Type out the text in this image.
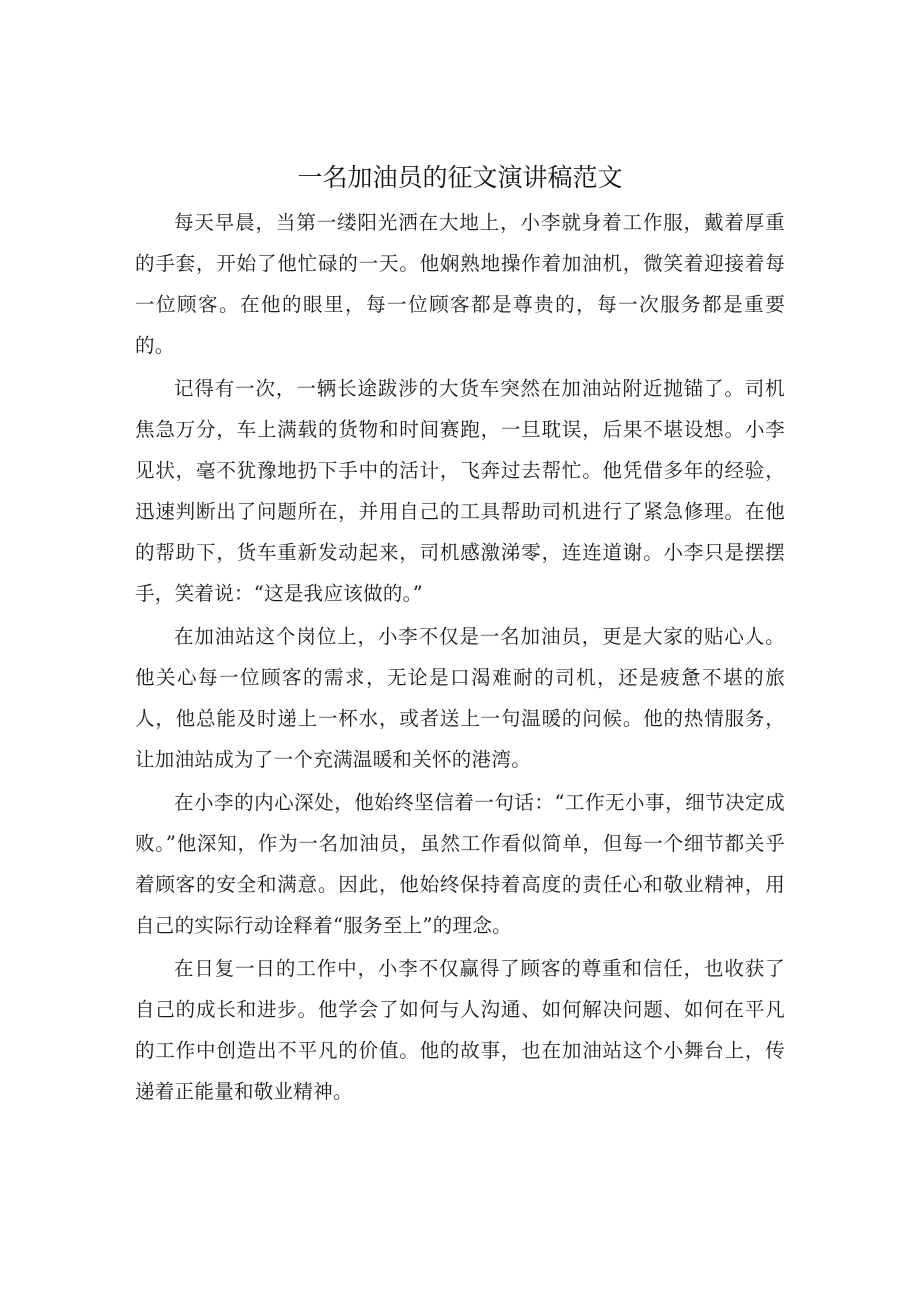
一名加油员的征文演讲稿范文

每天早晨，当第一缕阳光洒在大地上，小李就身着工作服，戴着厚重的手套，开始了他忙碌的一天。他娴熟地操作着加油机，微笑着迎接着每一位顾客。在他的眼里，每一位顾客都是尊贵的，每一次服务都是重要的。

记得有一次，一辆长途跋涉的大货车突然在加油站附近抛锚了。司机焦急万分，车上满载的货物和时间赛跑，一旦耽误，后果不堪设想。小李见状，毫不犹豫地扔下手中的活计，飞奔过去帮忙。他凭借多年的经验，迅速判断出了问题所在，并用自己的工具帮助司机进行了紧急修理。在他的帮助下，货车重新发动起来，司机感激涕零，连连道谢。小李只是摆摆手，笑着说：“这是我应该做的。”

在加油站这个岗位上，小李不仅是一名加油员，更是大家的贴心人。他关心每一位顾客的需求，无论是口渴难耐的司机，还是疲惫不堪的旅人，他总能及时递上一杯水，或者送上一句温暖的问候。他的热情服务，让加油站成为了一个充满温暖和关怀的港湾。

在小李的内心深处，他始终坚信着一句话：“工作无小事，细节决定成败。”他深知，作为一名加油员，虽然工作看似简单，但每一个细节都关乎着顾客的安全和满意。因此，他始终保持着高度的责任心和敬业精神，用自己的实际行动诠释着“服务至上”的理念。

在日复一日的工作中，小李不仅赢得了顾客的尊重和信任，也收获了自己的成长和进步。他学会了如何与人沟通、如何解决问题、如何在平凡的工作中创造出不平凡的价值。他的故事，也在加油站这个小舞台上，传递着正能量和敬业精神。
